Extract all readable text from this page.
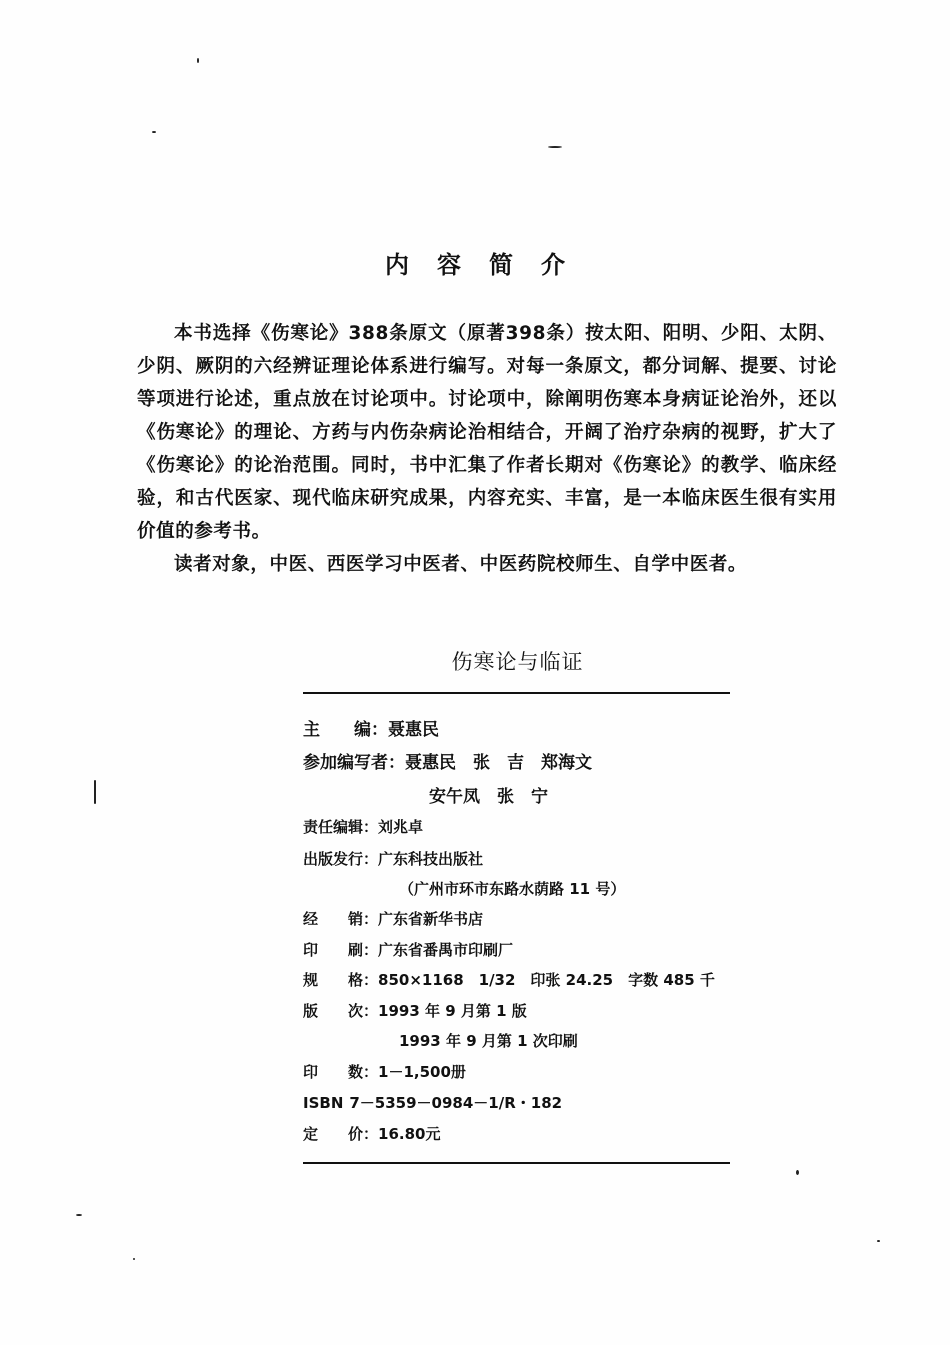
内容简介

本书选择《伤寒论》388条原文（原著398条）按太阳、阳明、少阳、太阴、少阴、厥阴的六经辨证理论体系进行编写。对每一条原文，都分词解、提要、讨论等项进行论述，重点放在讨论项中。讨论项中，除阐明伤寒本身病证论治外，还以《伤寒论》的理论、方药与内伤杂病论治相结合，开阔了治疗杂病的视野，扩大了《伤寒论》的论治范围。同时，书中汇集了作者长期对《伤寒论》的教学、临床经验，和古代医家、现代临床研究成果，内容充实、丰富，是一本临床医生很有实用价值的参考书。

读者对象，中医、西医学习中医者、中医药院校师生、自学中医者。

伤寒论与临证
主　　编：聂惠民
参加编写者：聂惠民　张　吉　郑海文
安午凤　张　宁
责任编辑：刘兆卓
出版发行：广东科技出版社
（广州市环市东路水荫路 11 号）
经　　销：广东省新华书店
印　　刷：广东省番禺市印刷厂
规　　格：850×1168　1/32　印张 24.25　字数 485 千
版　　次：1993 年 9 月第 1 版
1993 年 9 月第 1 次印刷
印　　数：1－1,500册
ISBN 7－5359－0984－1/R・182
定　　价：16.80元
